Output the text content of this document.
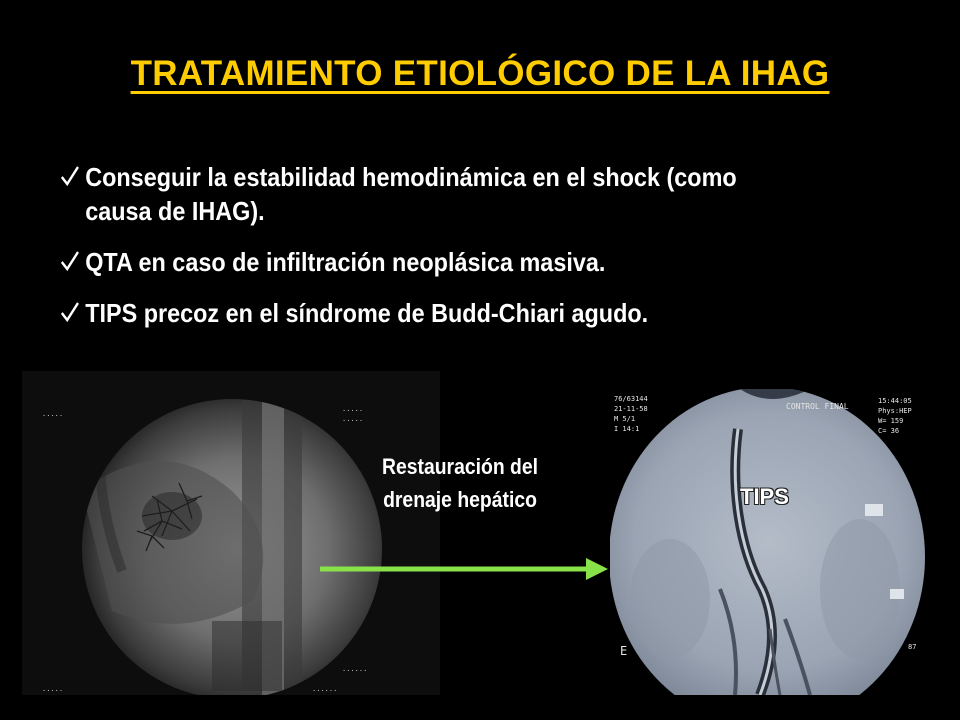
TRATAMIENTO ETIOLÓGICO DE LA IHAG
Conseguir la estabilidad hemodinámica en el shock (como
causa de IHAG).
QTA en caso de infiltración neoplásica masiva.
TIPS precoz en el síndrome de Budd-Chiari agudo.
.....
.....
.....
......
......
.....
76/63144
21-11-58
M 5/1
I 14:1
CONTROL FINAL
15:44:05
Phys:HEP
W= 159
C= 36
87
E
TIPS
Restauración del
drenaje hepático
